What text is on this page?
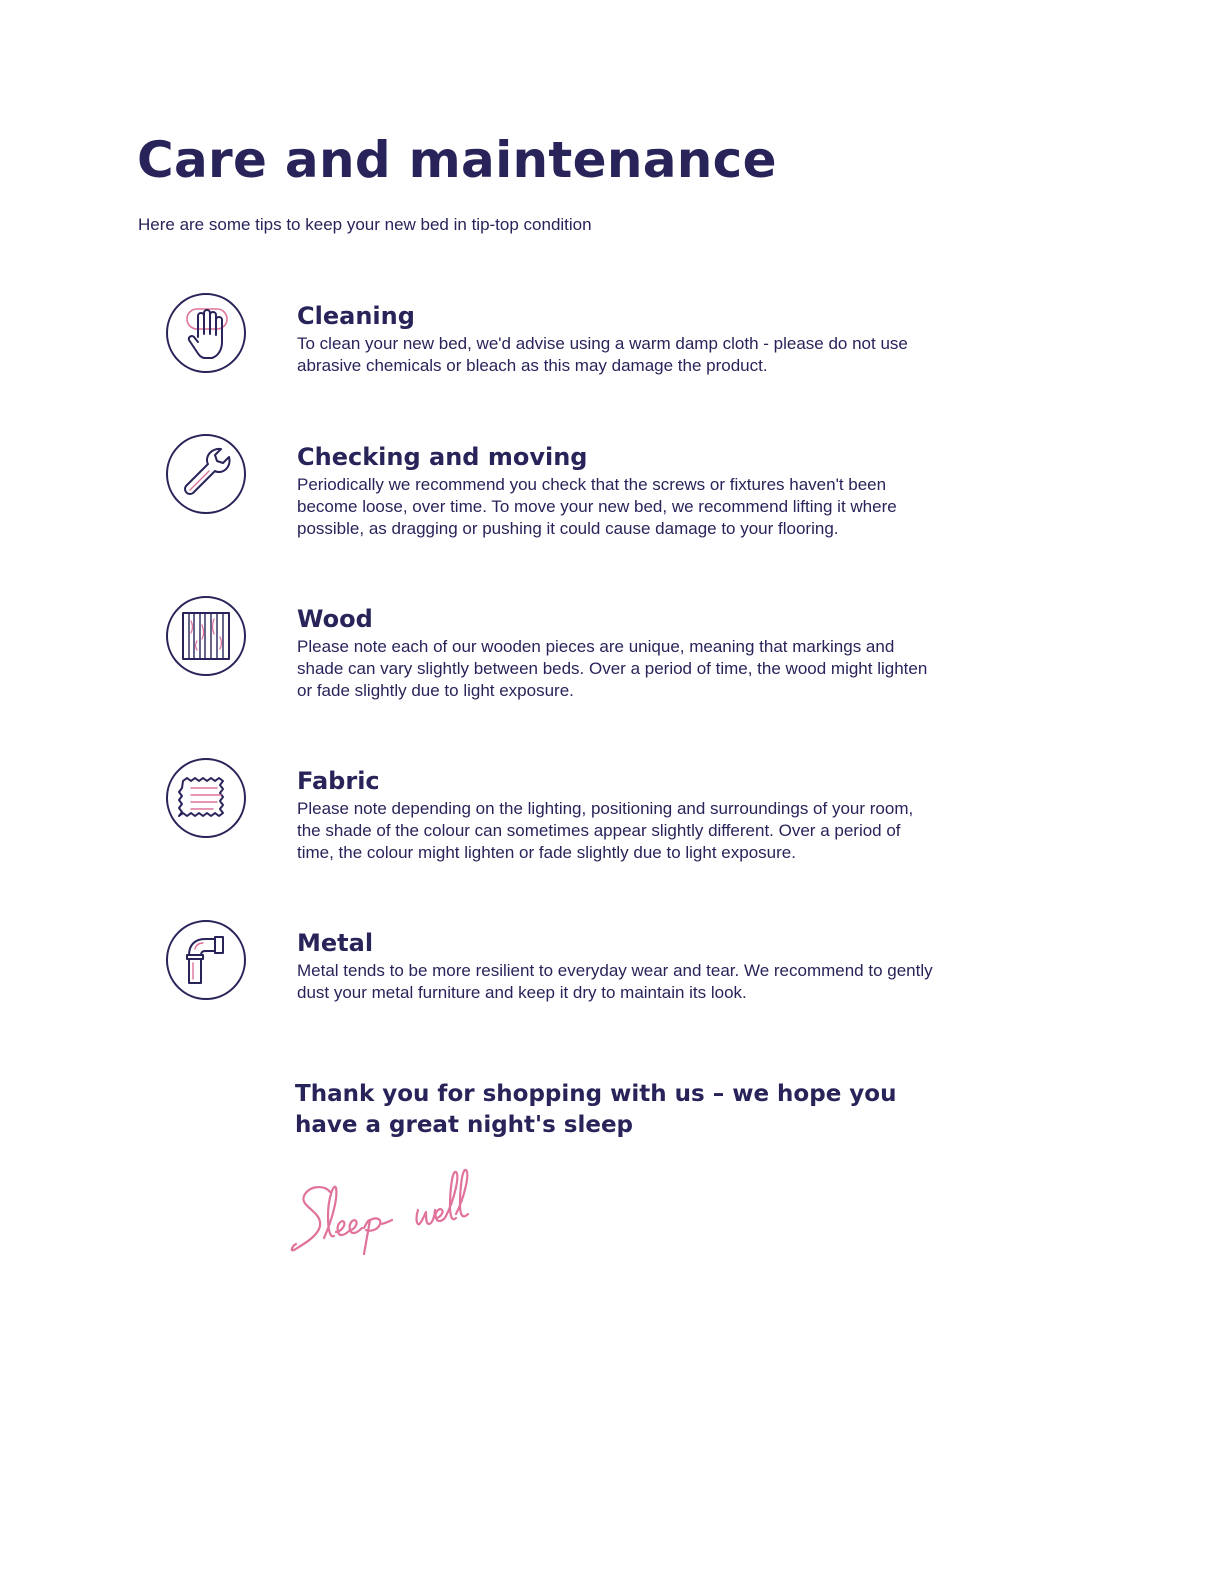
Care and maintenance

Here are some tips to keep your new bed in tip-top condition

Cleaning

To clean your new bed, we'd advise using a warm damp cloth - please do not use abrasive chemicals or bleach as this may damage the product.

Checking and moving

Periodically we recommend you check that the screws or fixtures haven't been become loose, over time. To move your new bed, we recommend lifting it where possible, as dragging or pushing it could cause damage to your flooring.

Wood

Please note each of our wooden pieces are unique, meaning that markings and shade can vary slightly between beds. Over a period of time, the wood might lighten or fade slightly due to light exposure.

Fabric

Please note depending on the lighting, positioning and surroundings of your room, the shade of the colour can sometimes appear slightly different. Over a period of time, the colour might lighten or fade slightly due to light exposure.

Metal

Metal tends to be more resilient to everyday wear and tear. We recommend to gently dust your metal furniture and keep it dry to maintain its look.

Thank you for shopping with us – we hope you have a great night's sleep
